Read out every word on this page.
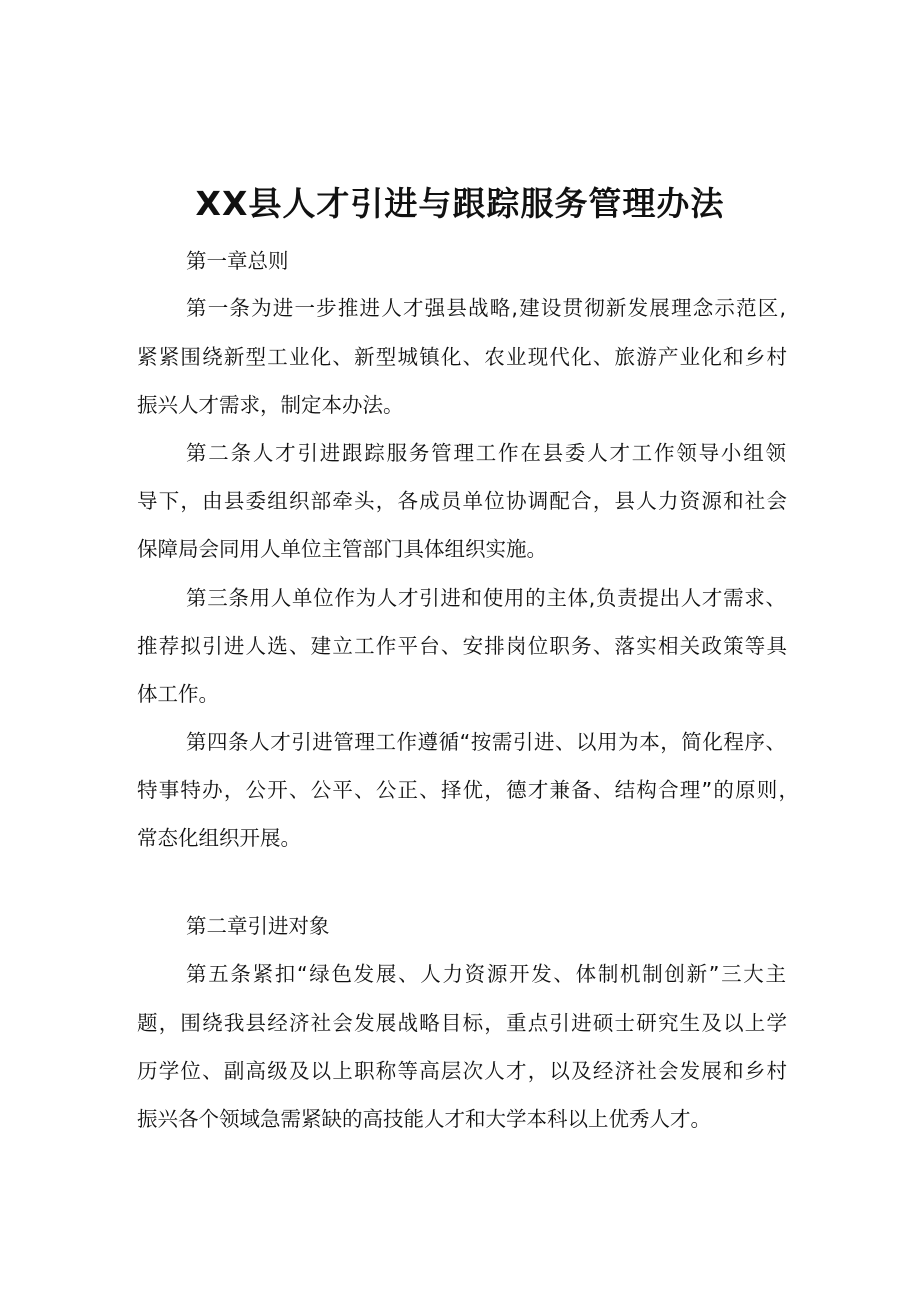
XX县人才引进与跟踪服务管理办法

第一章总则

第一条为进一步推进人才强县战略,建设贯彻新发展理念示范区,

紧紧围绕新型工业化、新型城镇化、农业现代化、旅游产业化和乡村

振兴人才需求，制定本办法。

第二条人才引进跟踪服务管理工作在县委人才工作领导小组领

导下，由县委组织部牵头，各成员单位协调配合，县人力资源和社会

保障局会同用人单位主管部门具体组织实施。

第三条用人单位作为人才引进和使用的主体,负责提出人才需求、

推荐拟引进人选、建立工作平台、安排岗位职务、落实相关政策等具

体工作。

第四条人才引进管理工作遵循“按需引进、以用为本，简化程序、

特事特办，公开、公平、公正、择优，德才兼备、结构合理”的原则，

常态化组织开展。

第二章引进对象

第五条紧扣“绿色发展、人力资源开发、体制机制创新”三大主

题，围绕我县经济社会发展战略目标，重点引进硕士研究生及以上学

历学位、副高级及以上职称等高层次人才，以及经济社会发展和乡村

振兴各个领域急需紧缺的高技能人才和大学本科以上优秀人才。
